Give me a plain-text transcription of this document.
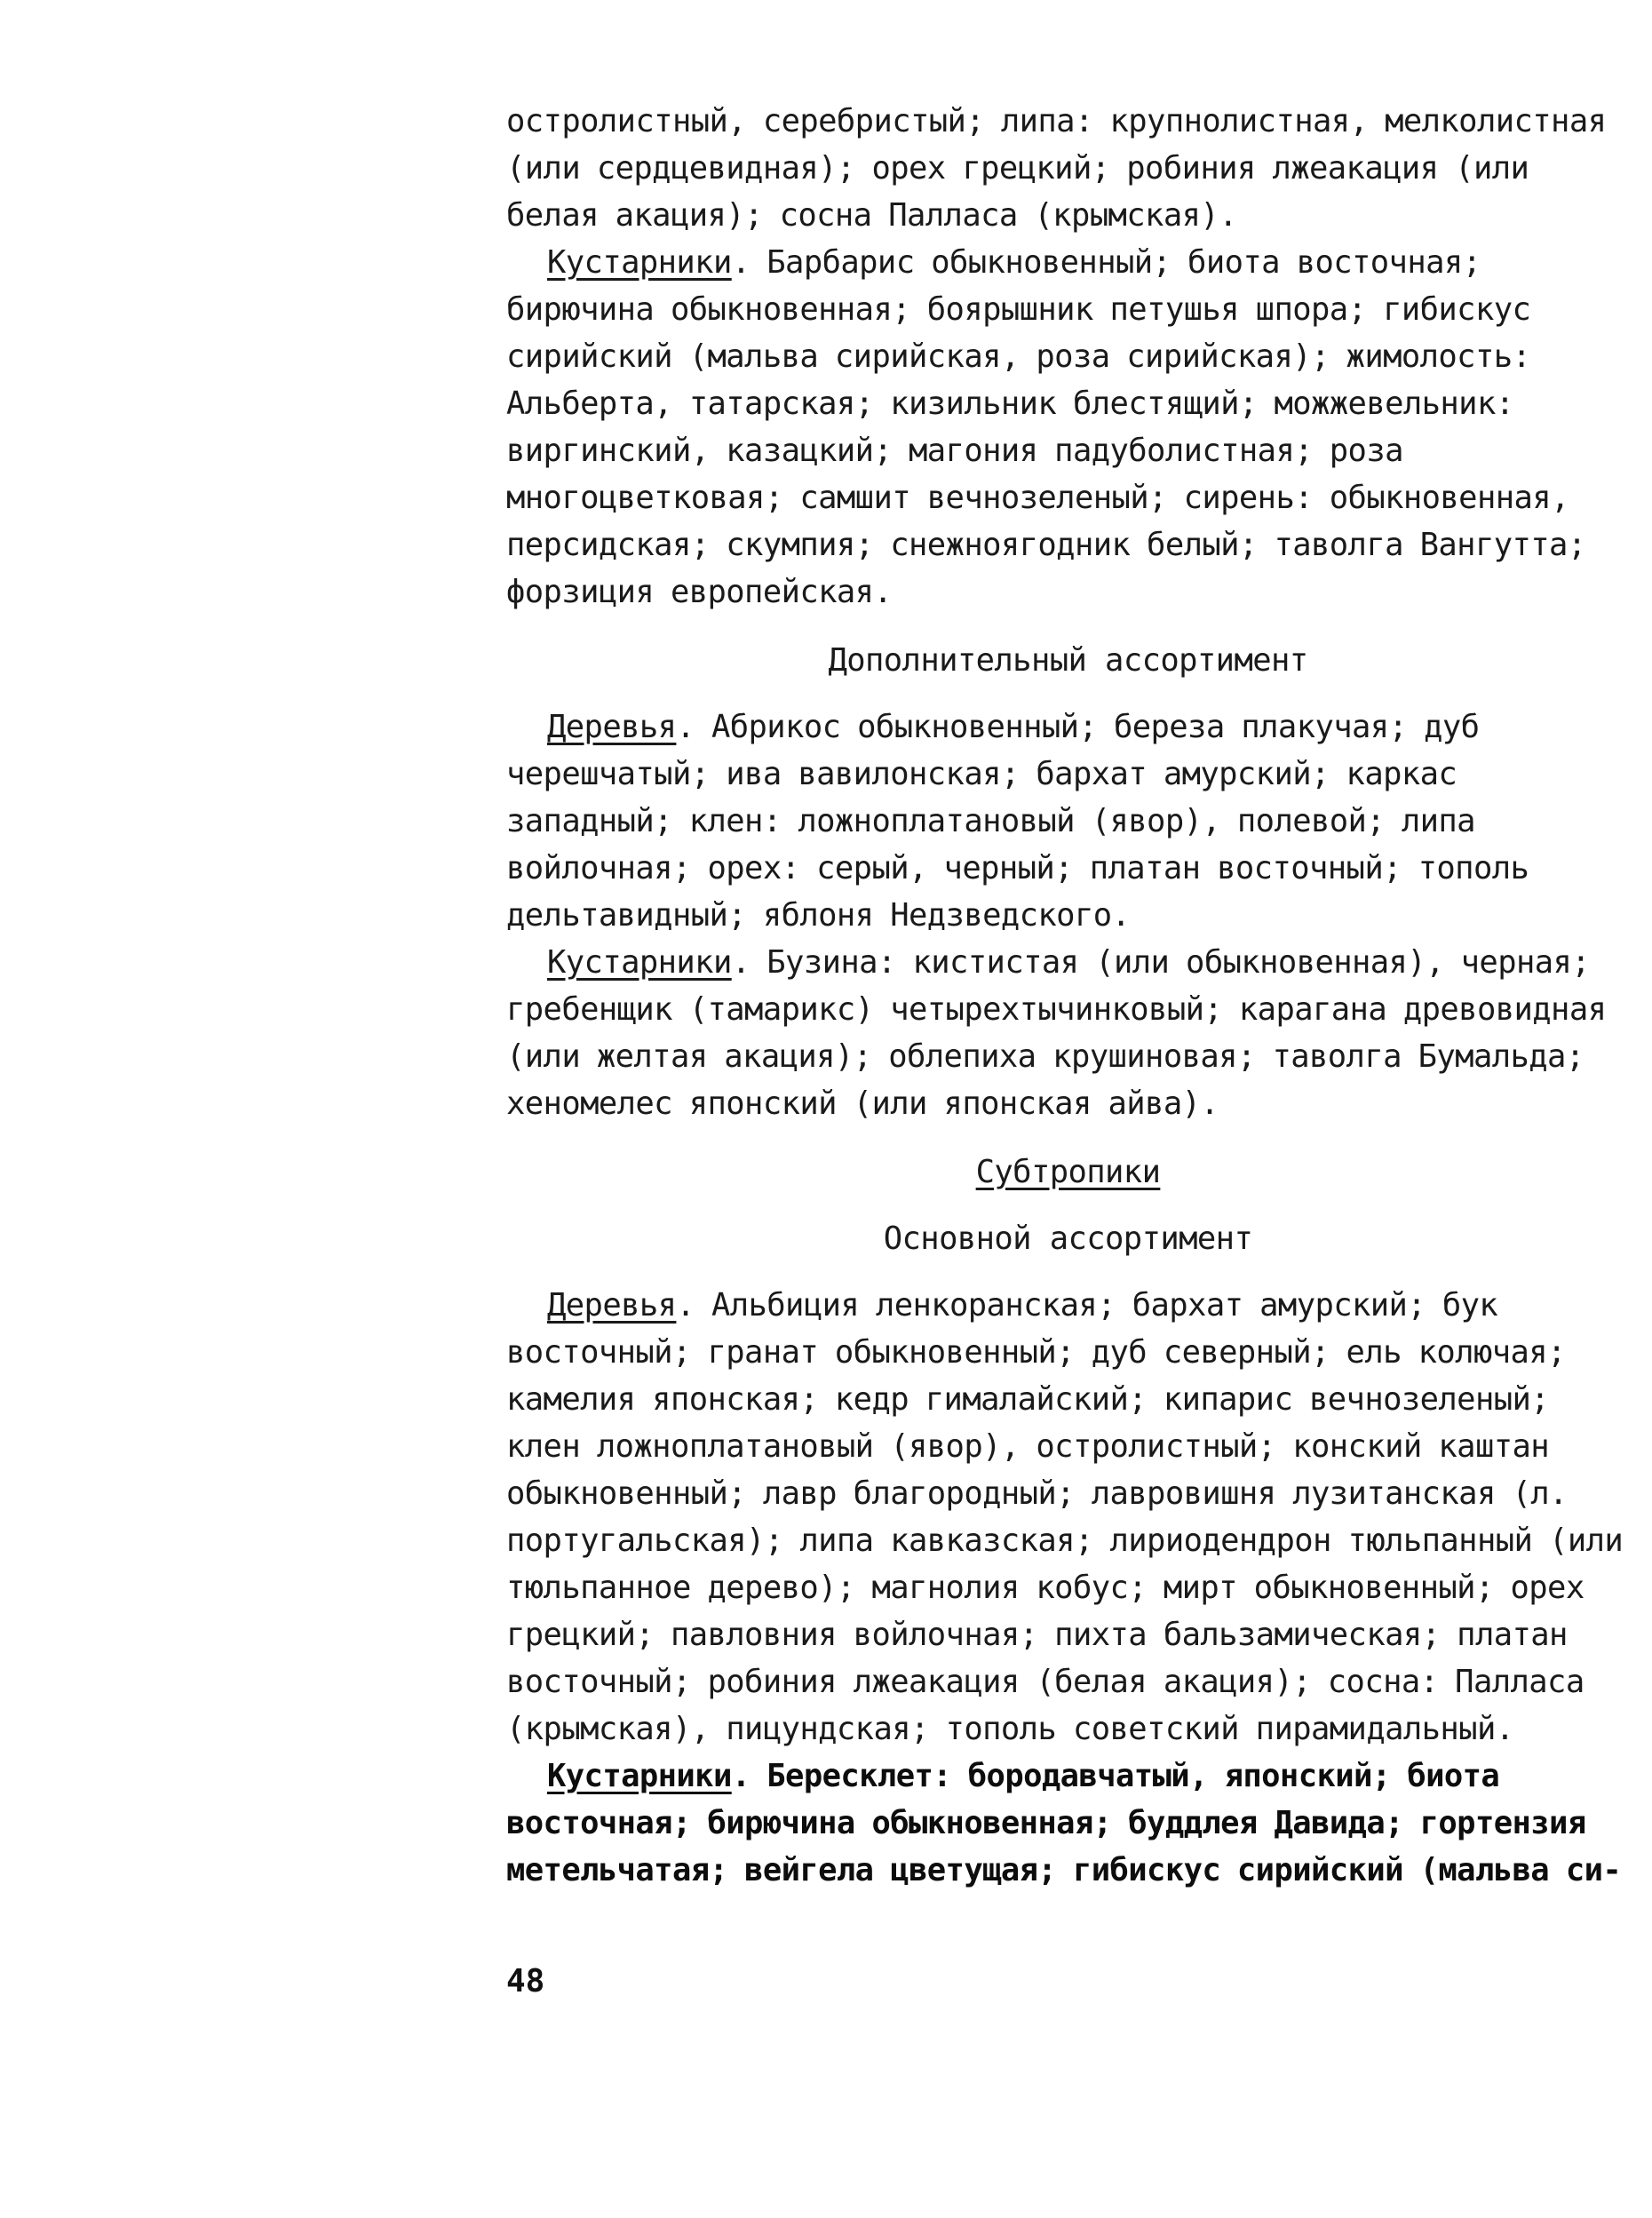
остролистный, серебристый; липа: крупнолистная, мелколистная (или сердцевидная); орех грецкий; робиния лжеакация (или белая акация); сосна Палласа (крымская).

Кустарники. Барбарис обыкновенный; биота восточная; бирючина обыкновенная; боярышник петушья шпора; гибискус сирийский (мальва сирийская, роза сирийская); жимолость: Альберта, татарская; кизильник блестящий; можжевельник: виргинский, казацкий; магония падуболистная; роза многоцветковая; самшит вечнозеленый; сирень: обыкновенная, персидская; скумпия; снежноягодник белый; таволга Вангутта; форзиция европейская.

Дополнительный ассортимент

Деревья. Абрикос обыкновенный; береза плакучая; дуб черешчатый; ива вавилонская; бархат амурский; каркас западный; клен: ложноплатановый (явор), полевой; липа войлочная; орех: серый, черный; платан восточный; тополь дельтавидный; яблоня Недзведского.

Кустарники. Бузина: кистистая (или обыкновенная), черная; гребенщик (тамарикс) четырехтычинковый; карагана древовидная (или желтая акация); облепиха крушиновая; таволга Бумальда; хеномелес японский (или японская айва).

Субтропики
Основной ассортимент

Деревья. Альбиция ленкоранская; бархат амурский; бук восточный; гранат обыкновенный; дуб северный; ель колючая; камелия японская; кедр гималайский; кипарис вечнозеленый; клен ложноплатановый (явор), остролистный; конский каштан обыкновенный; лавр благородный; лавровишня лузитанская (л. португальская); липа кавказская; лириодендрон тюльпанный (или тюльпанное дерево); магнолия кобус; мирт обыкновенный; орех грецкий; павловния войлочная; пихта бальзамическая; платан восточный; робиния лжеакация (белая акация); сосна: Палласа (крымская), пицундская; тополь советский пирамидальный.

Кустарники. Бересклет: бородавчатый, японский; биота восточная; бирючина обыкновенная; буддлея Давида; гортензия метельчатая; вейгела цветущая; гибискус сирийский (мальва си-

48
